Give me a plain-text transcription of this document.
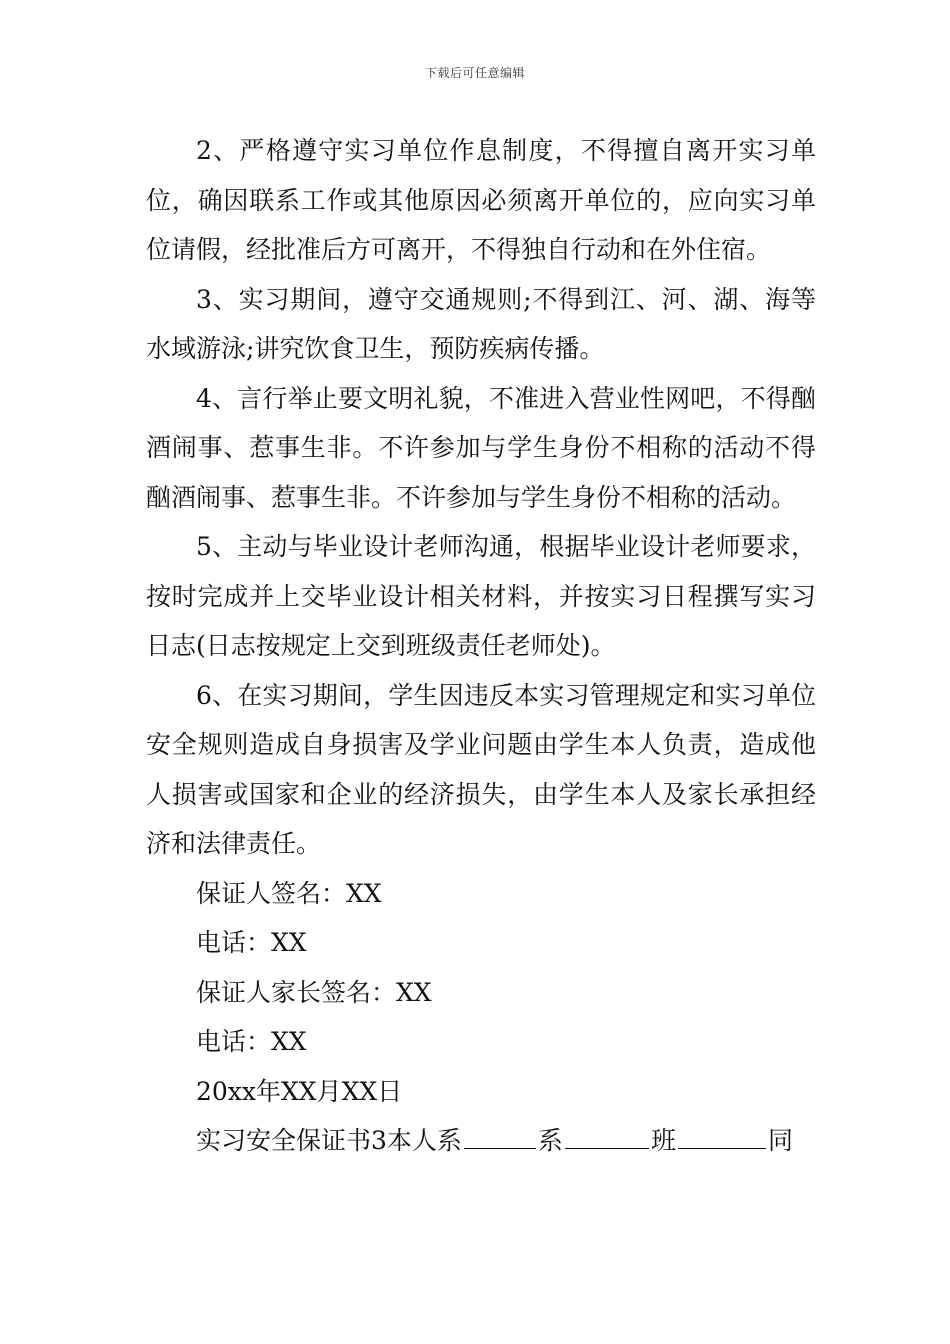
下载后可任意编辑

2、严格遵守实习单位作息制度，不得擅自离开实习单位，确因联系工作或其他原因必须离开单位的，应向实习单位请假，经批准后方可离开，不得独自行动和在外住宿。

3、实习期间，遵守交通规则;不得到江、河、湖、海等水域游泳;讲究饮食卫生，预防疾病传播。

4、言行举止要文明礼貌，不准进入营业性网吧，不得酗酒闹事、惹事生非。不许参加与学生身份不相称的活动不得酗酒闹事、惹事生非。不许参加与学生身份不相称的活动。

5、主动与毕业设计老师沟通，根据毕业设计老师要求，按时完成并上交毕业设计相关材料，并按实习日程撰写实习日志(日志按规定上交到班级责任老师处)。

6、在实习期间，学生因违反本实习管理规定和实习单位安全规则造成自身损害及学业问题由学生本人负责，造成他人损害或国家和企业的经济损失，由学生本人及家长承担经济和法律责任。

保证人签名：XX

电话：XX

保证人家长签名：XX

电话：XX

20xx年XX月XX日

实习安全保证书3本人系	系	班	同
